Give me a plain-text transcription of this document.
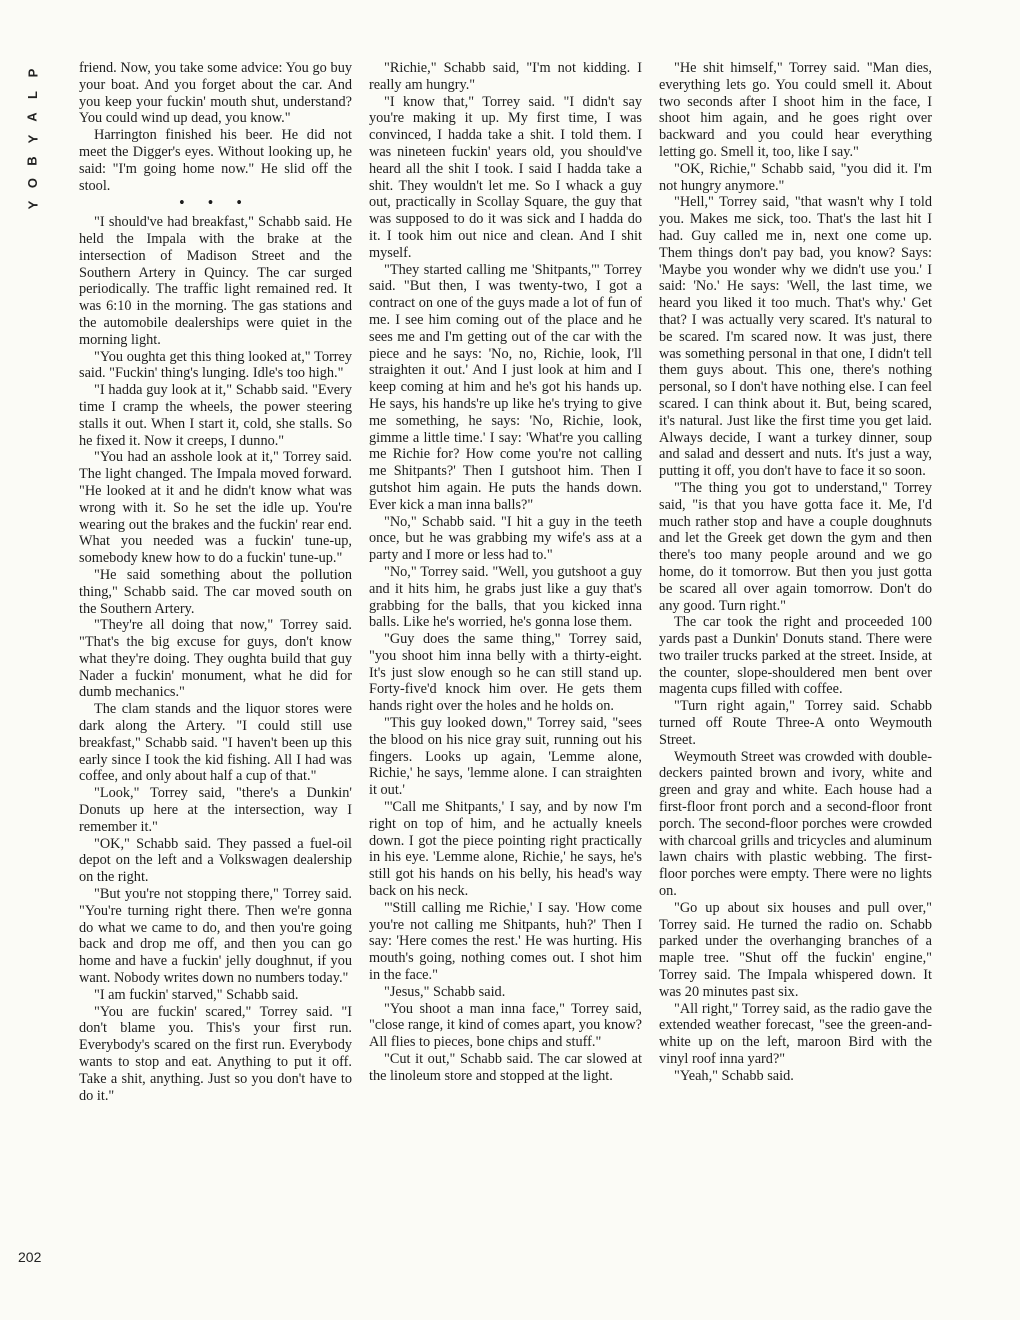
P
L
A
Y
B
O
Y
202

friend. Now, you take some advice: You go buy your boat. And you forget about the car. And you keep your fuckin' mouth shut, understand? You could wind up dead, you know."

Harrington finished his beer. He did not meet the Digger's eyes. Without looking up, he said: "I'm going home now." He slid off the stool.

• • •

"I should've had breakfast," Schabb said. He held the Impala with the brake at the intersection of Madison Street and the Southern Artery in Quincy. The car surged periodically. The traffic light remained red. It was 6:10 in the morning. The gas stations and the automobile dealerships were quiet in the morning light.

"You oughta get this thing looked at," Torrey said. "Fuckin' thing's lunging. Idle's too high."

"I hadda guy look at it," Schabb said. "Every time I cramp the wheels, the power steering stalls it out. When I start it, cold, she stalls. So he fixed it. Now it creeps, I dunno."

"You had an asshole look at it," Torrey said. The light changed. The Impala moved forward. "He looked at it and he didn't know what was wrong with it. So he set the idle up. You're wearing out the brakes and the fuckin' rear end. What you needed was a fuckin' tune-up, somebody knew how to do a fuckin' tune-up."

"He said something about the pollution thing," Schabb said. The car moved south on the Southern Artery.

"They're all doing that now," Torrey said. "That's the big excuse for guys, don't know what they're doing. They oughta build that guy Nader a fuckin' monument, what he did for dumb mechanics."

The clam stands and the liquor stores were dark along the Artery. "I could still use breakfast," Schabb said. "I haven't been up this early since I took the kid fishing. All I had was coffee, and only about half a cup of that."

"Look," Torrey said, "there's a Dunkin' Donuts up here at the intersection, way I remember it."

"OK," Schabb said. They passed a fuel-oil depot on the left and a Volkswagen dealership on the right.

"But you're not stopping there," Torrey said. "You're turning right there. Then we're gonna do what we came to do, and then you're going back and drop me off, and then you can go home and have a fuckin' jelly doughnut, if you want. Nobody writes down no numbers today."

"I am fuckin' starved," Schabb said.

"You are fuckin' scared," Torrey said. "I don't blame you. This's your first run. Everybody's scared on the first run. Everybody wants to stop and eat. Anything to put it off. Take a shit, anything. Just so you don't have to do it."

"Richie," Schabb said, "I'm not kidding. I really am hungry."

"I know that," Torrey said. "I didn't say you're making it up. My first time, I was convinced, I hadda take a shit. I told them. I was nineteen fuckin' years old, you should've heard all the shit I took. I said I hadda take a shit. They wouldn't let me. So I whack a guy out, practically in Scollay Square, the guy that was supposed to do it was sick and I hadda do it. I took him out nice and clean. And I shit myself.

"They started calling me 'Shitpants,'" Torrey said. "But then, I was twenty-two, I got a contract on one of the guys made a lot of fun of me. I see him coming out of the place and he sees me and I'm getting out of the car with the piece and he says: 'No, no, Richie, look, I'll straighten it out.' And I just look at him and I keep coming at him and he's got his hands up. He says, his hands're up like he's trying to give me something, he says: 'No, Richie, look, gimme a little time.' I say: 'What're you calling me Richie for? How come you're not calling me Shitpants?' Then I gutshoot him. Then I gutshot him again. He puts the hands down. Ever kick a man inna balls?"

"No," Schabb said. "I hit a guy in the teeth once, but he was grabbing my wife's ass at a party and I more or less had to."

"No," Torrey said. "Well, you gutshoot a guy and it hits him, he grabs just like a guy that's grabbing for the balls, that you kicked inna balls. Like he's worried, he's gonna lose them.

"Guy does the same thing," Torrey said, "you shoot him inna belly with a thirty-eight. It's just slow enough so he can still stand up. Forty-five'd knock him over. He gets them hands right over the holes and he holds on.

"This guy looked down," Torrey said, "sees the blood on his nice gray suit, running out his fingers. Looks up again, 'Lemme alone, Richie,' he says, 'lemme alone. I can straighten it out.'

"'Call me Shitpants,' I say, and by now I'm right on top of him, and he actually kneels down. I got the piece pointing right practically in his eye. 'Lemme alone, Richie,' he says, he's still got his hands on his belly, his head's way back on his neck.

"'Still calling me Richie,' I say. 'How come you're not calling me Shitpants, huh?' Then I say: 'Here comes the rest.' He was hurting. His mouth's going, nothing comes out. I shot him in the face."

"Jesus," Schabb said.

"You shoot a man inna face," Torrey said, "close range, it kind of comes apart, you know? All flies to pieces, bone chips and stuff."

"Cut it out," Schabb said. The car slowed at the linoleum store and stopped at the light.

"He shit himself," Torrey said. "Man dies, everything lets go. You could smell it. About two seconds after I shoot him in the face, I shoot him again, and he goes right over backward and you could hear everything letting go. Smell it, too, like I say."

"OK, Richie," Schabb said, "you did it. I'm not hungry anymore."

"Hell," Torrey said, "that wasn't why I told you. Makes me sick, too. That's the last hit I had. Guy called me in, next one come up. Them things don't pay bad, you know? Says: 'Maybe you wonder why we didn't use you.' I said: 'No.' He says: 'Well, the last time, we heard you liked it too much. That's why.' Get that? I was actually very scared. It's natural to be scared. I'm scared now. It was just, there was something personal in that one, I didn't tell them guys about. This one, there's nothing personal, so I don't have nothing else. I can feel scared. I can think about it. But, being scared, it's natural. Just like the first time you get laid. Always decide, I want a turkey dinner, soup and salad and dessert and nuts. It's just a way, putting it off, you don't have to face it so soon.

"The thing you got to understand," Torrey said, "is that you have gotta face it. Me, I'd much rather stop and have a couple doughnuts and let the Greek get down the gym and then there's too many people around and we go home, do it tomorrow. But then you just gotta be scared all over again tomorrow. Don't do any good. Turn right."

The car took the right and proceeded 100 yards past a Dunkin' Donuts stand. There were two trailer trucks parked at the street. Inside, at the counter, slope-shouldered men bent over magenta cups filled with coffee.

"Turn right again," Torrey said. Schabb turned off Route Three-A onto Weymouth Street.

Weymouth Street was crowded with double-deckers painted brown and ivory, white and green and gray and white. Each house had a first-floor front porch and a second-floor front porch. The second-floor porches were crowded with charcoal grills and tricycles and aluminum lawn chairs with plastic webbing. The first-floor porches were empty. There were no lights on.

"Go up about six houses and pull over," Torrey said. He turned the radio on. Schabb parked under the overhanging branches of a maple tree. "Shut off the fuckin' engine," Torrey said. The Impala whispered down. It was 20 minutes past six.

"All right," Torrey said, as the radio gave the extended weather forecast, "see the green-and-white up on the left, maroon Bird with the vinyl roof inna yard?"

"Yeah," Schabb said.
